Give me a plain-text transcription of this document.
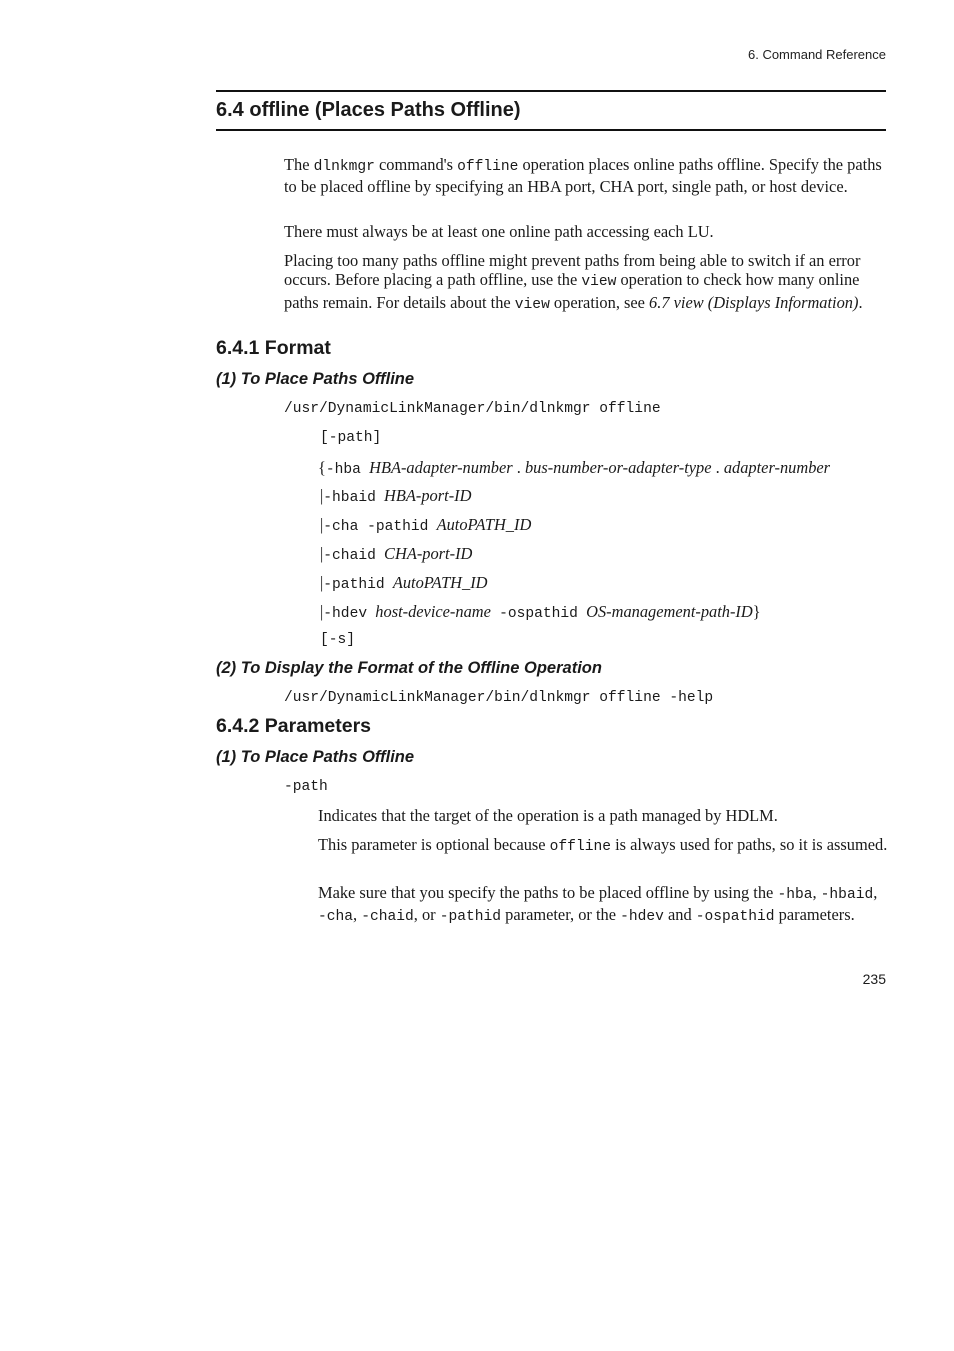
6. Command Reference
6.4 offline (Places Paths Offline)
The dlnkmgr command's offline operation places online paths offline. Specify the paths to be placed offline by specifying an HBA port, CHA port, single path, or host device.
There must always be at least one online path accessing each LU.
Placing too many paths offline might prevent paths from being able to switch if an error occurs. Before placing a path offline, use the view operation to check how many online paths remain. For details about the view operation, see 6.7 view (Displays Information).
6.4.1 Format
(1) To Place Paths Offline
/usr/DynamicLinkManager/bin/dlnkmgr offline
[-path]
{-hba HBA-adapter-number . bus-number-or-adapter-type . adapter-number
|-hbaid HBA-port-ID
|-cha -pathid AutoPATH_ID
|-chaid CHA-port-ID
|-pathid AutoPATH_ID
|-hdev host-device-name -ospathid OS-management-path-ID}
[-s]
(2) To Display the Format of the Offline Operation
/usr/DynamicLinkManager/bin/dlnkmgr offline -help
6.4.2 Parameters
(1) To Place Paths Offline
-path
Indicates that the target of the operation is a path managed by HDLM.
This parameter is optional because offline is always used for paths, so it is assumed.
Make sure that you specify the paths to be placed offline by using the -hba, -hbaid, -cha, -chaid, or -pathid parameter, or the -hdev and -ospathid parameters.
235
